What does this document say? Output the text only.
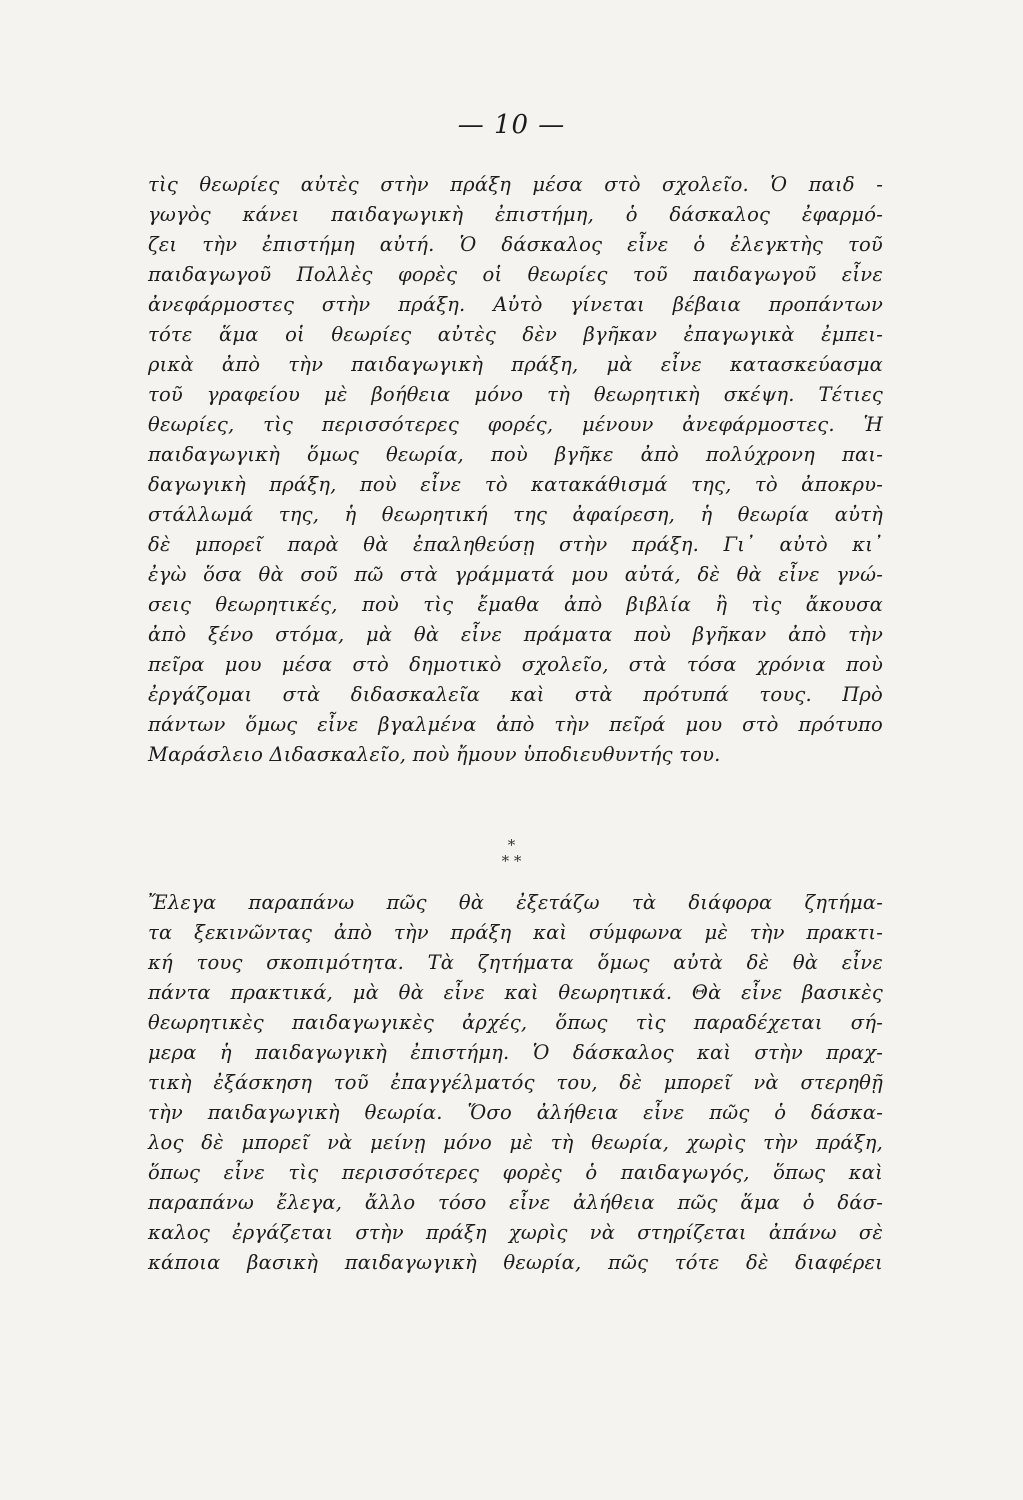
— 10 —
τὶς θεωρίες αὐτὲς στὴν πράξη μέσα στὸ σχολεῖο. Ὁ παιδ -
γωγὸς κάνει παιδαγωγικὴ ἐπιστήμη, ὁ δάσκαλος ἐφαρμό-
ζει τὴν ἐπιστήμη αὐτή. Ὁ δάσκαλος εἶνε ὁ ἐλεγκτὴς τοῦ
παιδαγωγοῦ Πολλὲς φορὲς οἱ θεωρίες τοῦ παιδαγωγοῦ εἶνε
ἀνεφάρμοστες στὴν πράξη. Αὐτὸ γίνεται βέβαια προπάντων
τότε ἅμα οἱ θεωρίες αὐτὲς δὲν βγῆκαν ἐπαγωγικὰ ἐμπει-
ρικὰ ἀπὸ τὴν παιδαγωγικὴ πράξη, μὰ εἶνε κατασκεύασμα
τοῦ γραφείου μὲ βοήθεια μόνο τὴ θεωρητικὴ σκέψη. Τέτιες
θεωρίες, τὶς περισσότερες φορές, μένουν ἀνεφάρμοστες. Ἡ
παιδαγωγικὴ ὅμως θεωρία, ποὺ βγῆκε ἀπὸ πολύχρονη παι-
δαγωγικὴ πράξη, ποὺ εἶνε τὸ κατακάθισμά της, τὸ ἀποκρυ-
στάλλωμά της, ἡ θεωρητική της ἀφαίρεση, ἡ θεωρία αὐτὴ
δὲ μπορεῖ παρὰ θὰ ἐπαληθεύσῃ στὴν πράξη. Γι᾽ αὐτὸ κι᾽
ἐγὼ ὅσα θὰ σοῦ πῶ στὰ γράμματά μου αὐτά, δὲ θὰ εἶνε γνώ-
σεις θεωρητικές, ποὺ τὶς ἔμαθα ἀπὸ βιβλία ἢ τὶς ἄκουσα
ἀπὸ ξένο στόμα, μὰ θὰ εἶνε πράματα ποὺ βγῆκαν ἀπὸ τὴν
πεῖρα μου μέσα στὸ δημοτικὸ σχολεῖο, στὰ τόσα χρόνια ποὺ
ἐργάζομαι στὰ διδασκαλεῖα καὶ στὰ πρότυπά τους. Πρὸ
πάντων ὅμως εἶνε βγαλμένα ἀπὸ τὴν πεῖρά μου στὸ πρότυπο
Μαράσλειο Διδασκαλεῖο, ποὺ ἤμουν ὑποδιευθυντής του.
*
* *
Ἔλεγα παραπάνω πῶς θὰ ἐξετάζω τὰ διάφορα ζητήμα-
τα ξεκινῶντας ἀπὸ τὴν πράξη καὶ σύμφωνα μὲ τὴν πρακτι-
κή τους σκοπιμότητα. Τὰ ζητήματα ὅμως αὐτὰ δὲ θὰ εἶνε
πάντα πρακτικά, μὰ θὰ εἶνε καὶ θεωρητικά. Θὰ εἶνε βασικὲς
θεωρητικὲς παιδαγωγικὲς ἀρχές, ὅπως τὶς παραδέχεται σή-
μερα ἡ παιδαγωγικὴ ἐπιστήμη. Ὁ δάσκαλος καὶ στὴν πραχ-
τικὴ ἐξάσκηση τοῦ ἐπαγγέλματός του, δὲ μπορεῖ νὰ στερηθῇ
τὴν παιδαγωγικὴ θεωρία. Ὅσο ἀλήθεια εἶνε πῶς ὁ δάσκα-
λος δὲ μπορεῖ νὰ μείνῃ μόνο μὲ τὴ θεωρία, χωρὶς τὴν πράξη,
ὅπως εἶνε τὶς περισσότερες φορὲς ὁ παιδαγωγός, ὅπως καὶ
παραπάνω ἔλεγα, ἄλλο τόσο εἶνε ἀλήθεια πῶς ἅμα ὁ δάσ-
καλος ἐργάζεται στὴν πράξη χωρὶς νὰ στηρίζεται ἀπάνω σὲ
κάποια βασικὴ παιδαγωγικὴ θεωρία, πῶς τότε δὲ διαφέρει
